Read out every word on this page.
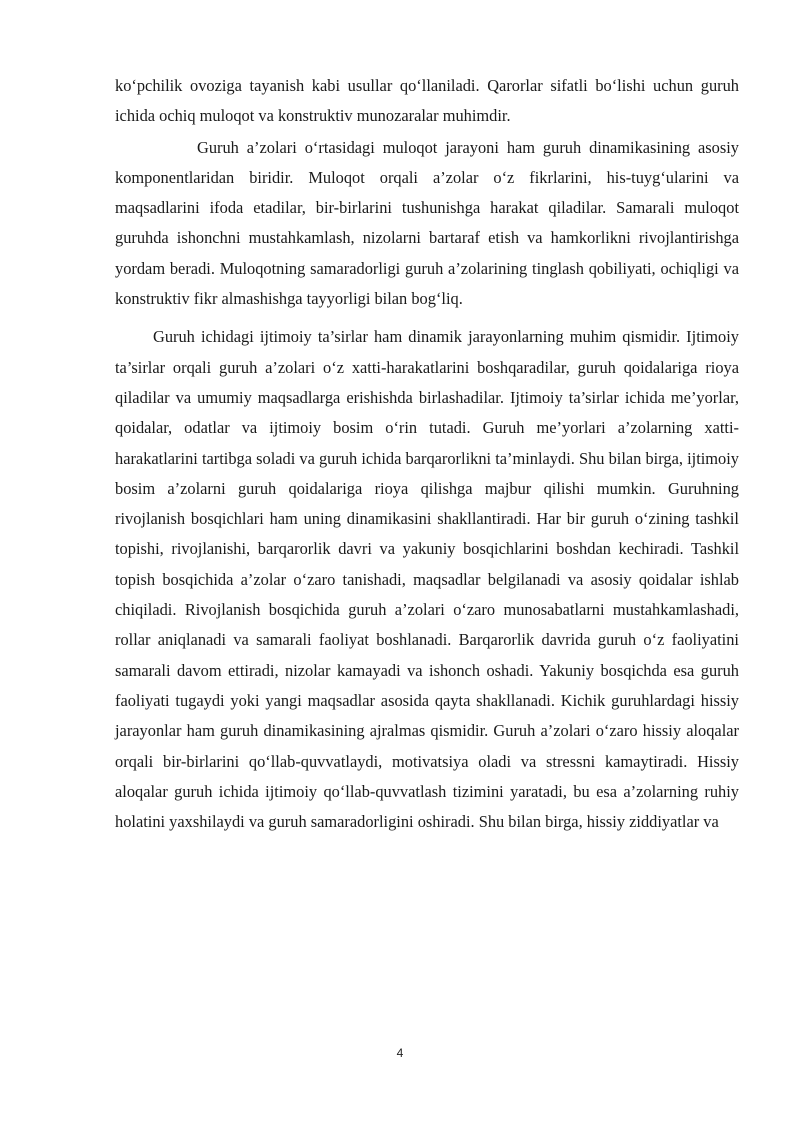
ko‘pchilik ovoziga tayanish kabi usullar qo‘llaniladi. Qarorlar sifatli bo‘lishi uchun guruh ichida ochiq muloqot va konstruktiv munozaralar muhimdir.

Guruh a’zolari o‘rtasidagi muloqot jarayoni ham guruh dinamikasining asosiy komponentlaridan biridir. Muloqot orqali a’zolar o‘z fikrlarini, his-tuyg‘ularini va maqsadlarini ifoda etadilar, bir-birlarini tushunishga harakat qiladilar. Samarali muloqot guruhda ishonchni mustahkamlash, nizolarni bartaraf etish va hamkorlikni rivojlantirishga yordam beradi. Muloqotning samaradorligi guruh a’zolarining tinglash qobiliyati, ochiqligi va konstruktiv fikr almashishga tayyorligi bilan bog‘liq.

Guruh ichidagi ijtimoiy ta’sirlar ham dinamik jarayonlarning muhim qismidir. Ijtimoiy ta’sirlar orqali guruh a’zolari o‘z xatti-harakatlarini boshqaradilar, guruh qoidalariga rioya qiladilar va umumiy maqsadlarga erishishda birlashadilar. Ijtimoiy ta’sirlar ichida me’yorlar, qoidalar, odatlar va ijtimoiy bosim o‘rin tutadi. Guruh me’yorlari a’zolarning xatti-harakatlarini tartibga soladi va guruh ichida barqarorlikni ta’minlaydi. Shu bilan birga, ijtimoiy bosim a’zolarni guruh qoidalariga rioya qilishga majbur qilishi mumkin. Guruhning rivojlanish bosqichlari ham uning dinamikasini shakllantiradi. Har bir guruh o‘zining tashkil topishi, rivojlanishi, barqarorlik davri va yakuniy bosqichlarini boshdan kechiradi. Tashkil topish bosqichida a’zolar o‘zaro tanishadi, maqsadlar belgilanadi va asosiy qoidalar ishlab chiqiladi. Rivojlanish bosqichida guruh a’zolari o‘zaro munosabatlarni mustahkamlashadi, rollar aniqlanadi va samarali faoliyat boshlanadi. Barqarorlik davrida guruh o‘z faoliyatini samarali davom ettiradi, nizolar kamayadi va ishonch oshadi. Yakuniy bosqichda esa guruh faoliyati tugaydi yoki yangi maqsadlar asosida qayta shakllanadi. Kichik guruhlardagi hissiy jarayonlar ham guruh dinamikasining ajralmas qismidir. Guruh a’zolari o‘zaro hissiy aloqalar orqali bir-birlarini qo‘llab-quvvatlaydi, motivatsiya oladi va stressni kamaytiradi. Hissiy aloqalar guruh ichida ijtimoiy qo‘llab-quvvatlash tizimini yaratadi, bu esa a’zolarning ruhiy holatini yaxshilaydi va guruh samaradorligini oshiradi. Shu bilan birga, hissiy ziddiyatlar va

4
